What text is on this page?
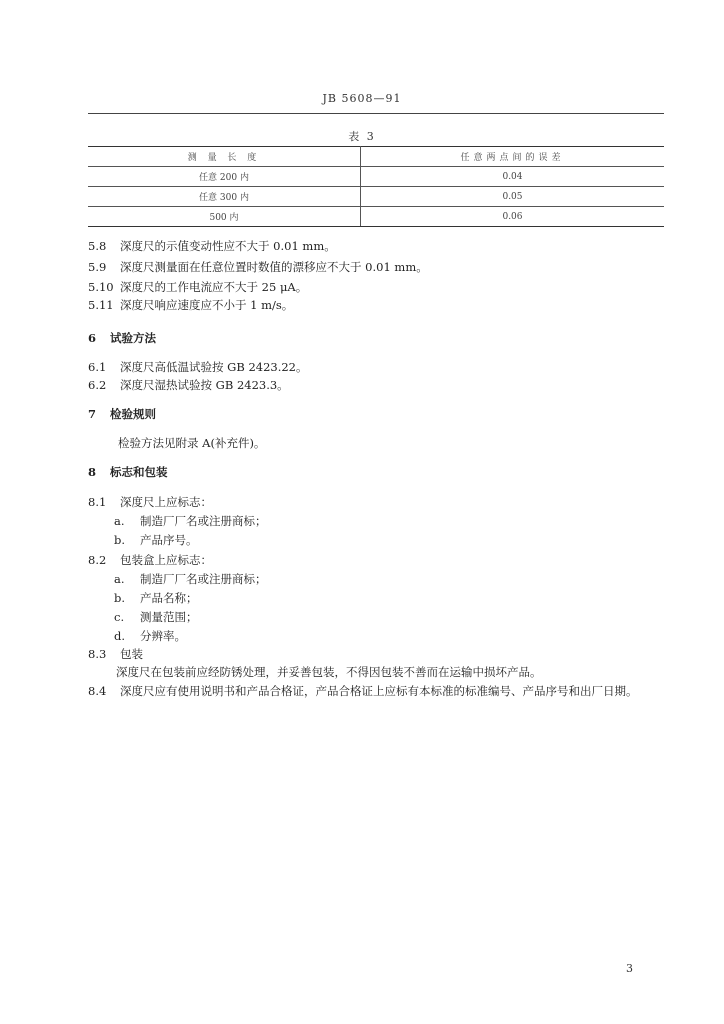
JB 5608—91
表 3
测 量 长 度	任意两点间的误差
任意 200 内	0.04
任意 300 内	0.05
500 内	0.06
5.8 深度尺的示值变动性应不大于 0.01 mm。
5.9 深度尺测量面在任意位置时数值的漂移应不大于 0.01 mm。
5.10 深度尺的工作电流应不大于 25 μA。
5.11 深度尺响应速度应不小于 1 m/s。
6 试验方法
6.1 深度尺高低温试验按 GB 2423.22。
6.2 深度尺湿热试验按 GB 2423.3。
7 检验规则
检验方法见附录 A(补充件)。
8 标志和包装
8.1 深度尺上应标志：
a. 制造厂厂名或注册商标；
b. 产品序号。
8.2 包装盒上应标志：
a. 制造厂厂名或注册商标；
b. 产品名称；
c. 测量范围；
d. 分辨率。
8.3 包装
深度尺在包装前应经防锈处理，并妥善包装，不得因包装不善而在运输中损坏产品。
8.4 深度尺应有使用说明书和产品合格证，产品合格证上应标有本标准的标准编号、产品序号和出厂日期。
3
